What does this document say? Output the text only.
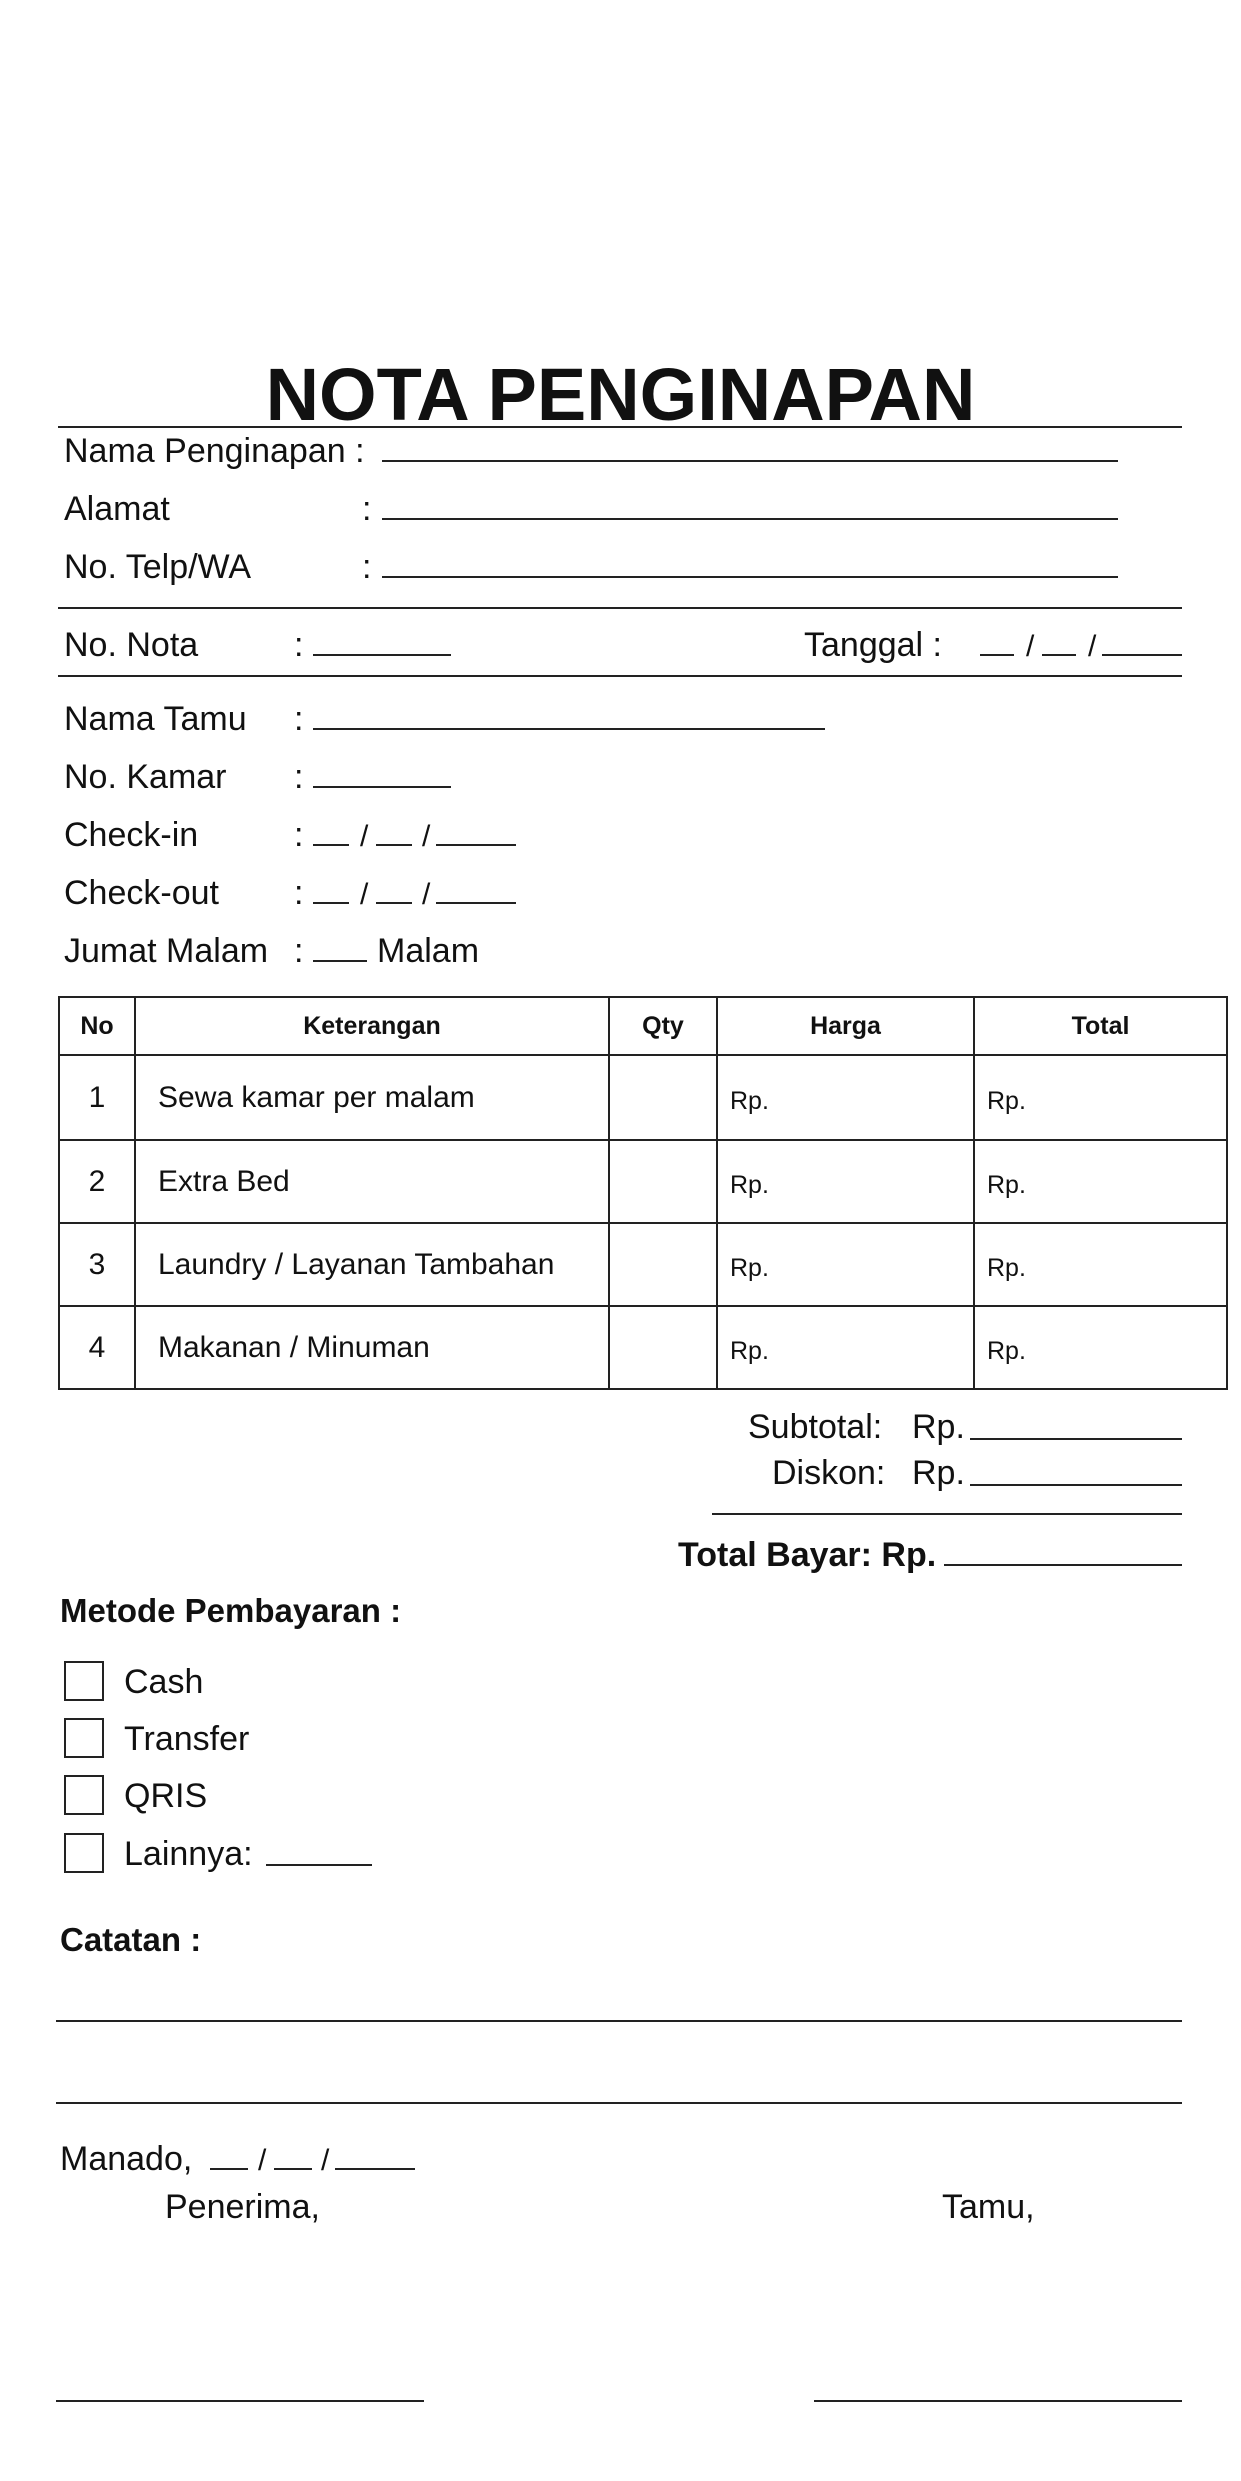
NOTA PENGINAPAN
Nama Penginapan :
Alamat	:
No. Telp/WA	:
No. Nota	:	Tanggal :	/ /
Nama Tamu :
No. Kamar :
Check-in	: / /
Check-out : / /
Jumat Malam : Malam
No	Keterangan	Qty	Harga	Total
1	Sewa kamar per malam		Rp.	Rp.
2	Extra Bed		Rp.	Rp.
3	Laundry / Layanan Tambahan		Rp.	Rp.
4	Makanan / Minuman		Rp.	Rp.
Subtotal: Rp.
Diskon: Rp.
Total Bayar: Rp.
Metode Pembayaran :
Cash
Transfer
QRIS
Lainnya:
Catatan :
Manado, / /
Penerima,	Tamu,
